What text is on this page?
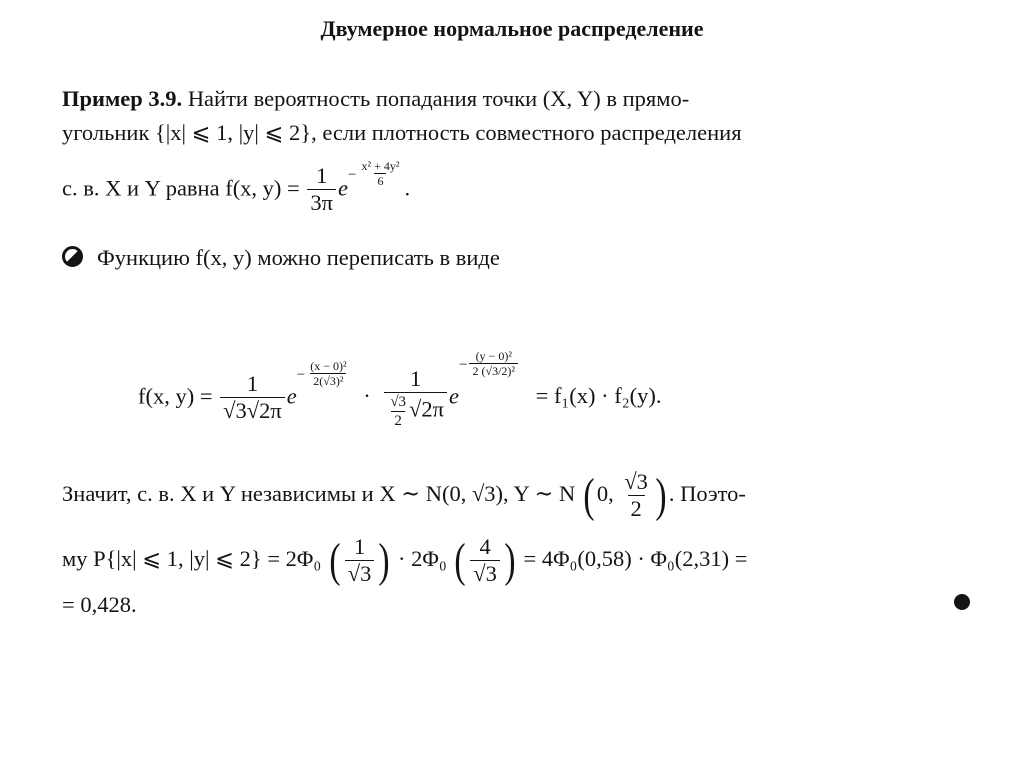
Двумерное нормальное распределение
Пример 3.9. Найти вероятность попадания точки (X, Y) в прямо-
угольник {|x| ⩽ 1, |y| ⩽ 2}, если плотность совместного распределения
с. в. X и Y равна f(x, $y) = \frac{1}{3\pi} e- \frac{\text{x² + 4y²}}{6}$ .
Функцию f(x, y) можно переписать в виде
f(x, $y) = \frac{1}{√3√2\pi} e- \frac{\text{(x − 0)²}}{\text{2(√3)²}}$
· $\frac{1}{\frac{√3}{2} √2\pi} e- \frac{\text{(y − 0)²}}{\text{2 (√3/2)²}}$
= f₁(x) · f₂(y).
Значит, с. в. X и Y независимы и X ∼ N(0, √3), Y ∼ N ( 0, $\frac{√3}{2}$ ) . Поэто-
му P{|x| ⩽ 1, |y| ⩽ 2} = 2Φ₀ ( $\frac{1}{√3}$ ) · 2Φ₀ ( $\frac{4}{√3}$ ) = 4Φ₀(0,58) · Φ₀(2,31) =
= 0,428.
